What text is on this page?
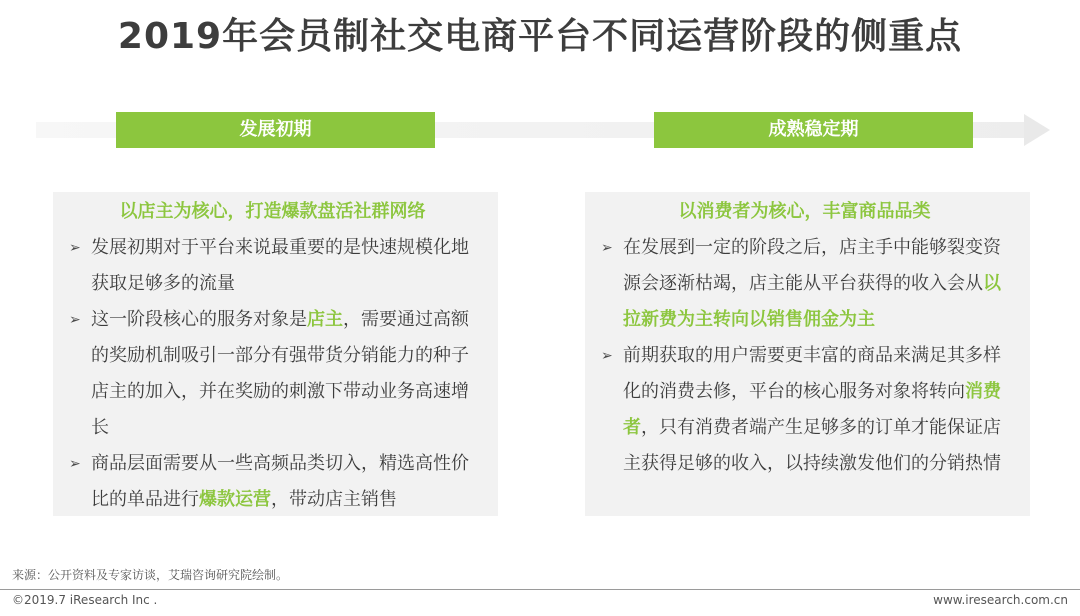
2019年会员制社交电商平台不同运营阶段的侧重点
发展初期	成熟稳定期
以店主为核心，打造爆款盘活社群网络
➢ 发展初期对于平台来说最重要的是快速规模化地获取足够多的流量
➢ 这一阶段核心的服务对象是店主，需要通过高额的奖励机制吸引一部分有强带货分销能力的种子店主的加入，并在奖励的刺激下带动业务高速增长
➢ 商品层面需要从一些高频品类切入，精选高性价比的单品进行爆款运营，带动店主销售
以消费者为核心，丰富商品品类
➢ 在发展到一定的阶段之后，店主手中能够裂变资源会逐渐枯竭，店主能从平台获得的收入会从以拉新费为主转向以销售佣金为主
➢ 前期获取的用户需要更丰富的商品来满足其多样化的消费去修，平台的核心服务对象将转向消费者，只有消费者端产生足够多的订单才能保证店主获得足够的收入，以持续激发他们的分销热情
来源：公开资料及专家访谈，艾瑞咨询研究院绘制。
©2019.7 iResearch Inc .	www.iresearch.com.cn
